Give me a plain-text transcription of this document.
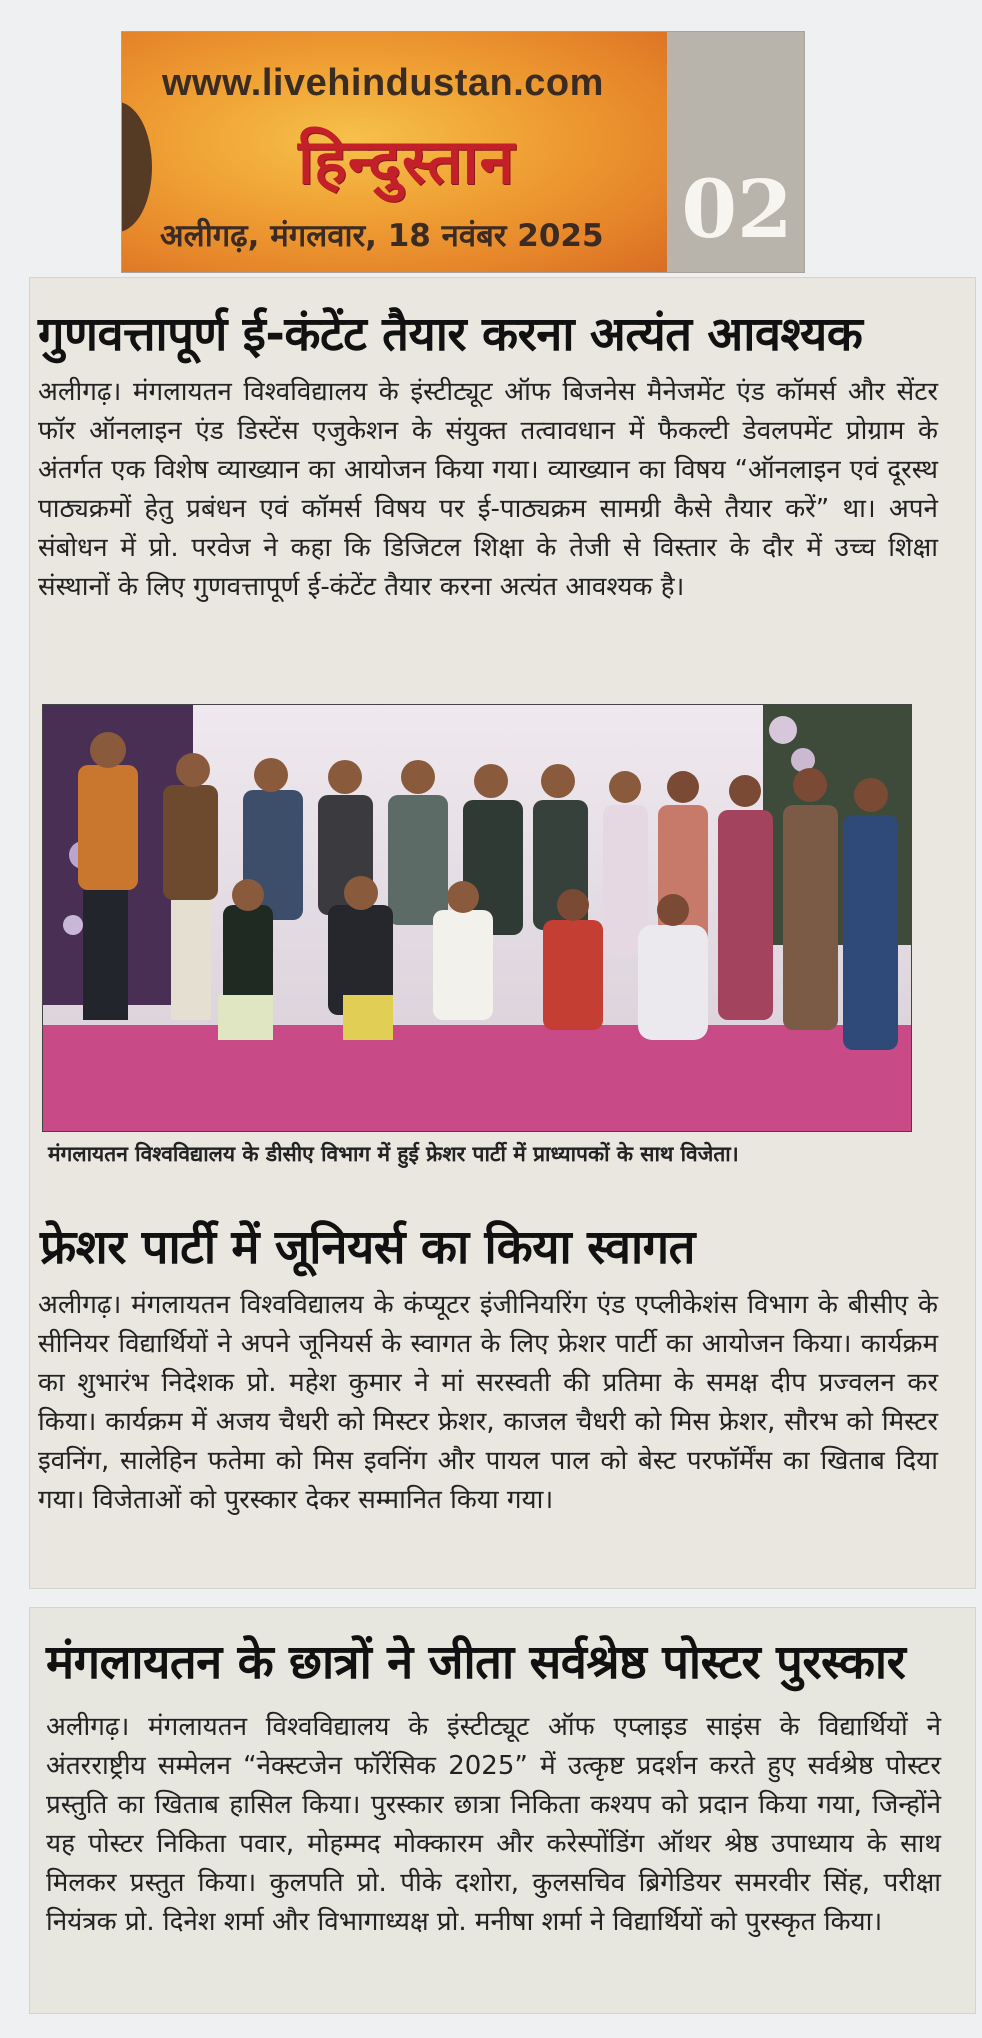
www.livehindustan.com
हिन्दुस्तान
अलीगढ़, मंगलवार, 18 नवंबर 2025 02
गुणवत्तापूर्ण ई-कंटेंट तैयार करना अत्यंत आवश्यक
अलीगढ़। मंगलायतन विश्वविद्यालय के इंस्टीट्यूट ऑफ बिजनेस मैनेजमेंट एंड कॉमर्स और सेंटर फॉर ऑनलाइन एंड डिस्टेंस एजुकेशन के संयुक्त तत्वावधान में फैकल्टी डेवलपमेंट प्रोग्राम के अंतर्गत एक विशेष व्याख्यान का आयोजन किया गया। व्याख्यान का विषय “ऑनलाइन एवं दूरस्थ पाठ्यक्रमों हेतु प्रबंधन एवं कॉमर्स विषय पर ई-पाठ्यक्रम सामग्री कैसे तैयार करें” था। अपने संबोधन में प्रो. परवेज ने कहा कि डिजिटल शिक्षा के तेजी से विस्तार के दौर में उच्च शिक्षा संस्थानों के लिए गुणवत्तापूर्ण ई-कंटेंट तैयार करना अत्यंत आवश्यक है।
मंगलायतन विश्वविद्यालय के डीसीए विभाग में हुई फ्रेशर पार्टी में प्राध्यापकों के साथ विजेता।
फ्रेशर पार्टी में जूनियर्स का किया स्वागत
अलीगढ़। मंगलायतन विश्वविद्यालय के कंप्यूटर इंजीनियरिंग एंड एप्लीकेशंस विभाग के बीसीए के सीनियर विद्यार्थियों ने अपने जूनियर्स के स्वागत के लिए फ्रेशर पार्टी का आयोजन किया। कार्यक्रम का शुभारंभ निदेशक प्रो. महेश कुमार ने मां सरस्वती की प्रतिमा के समक्ष दीप प्रज्वलन कर किया। कार्यक्रम में अजय चैधरी को मिस्टर फ्रेशर, काजल चैधरी को मिस फ्रेशर, सौरभ को मिस्टर इवनिंग, सालेहिन फतेमा को मिस इवनिंग और पायल पाल को बेस्ट परफॉर्मेंस का खिताब दिया गया। विजेताओं को पुरस्कार देकर सम्मानित किया गया।
मंगलायतन के छात्रों ने जीता सर्वश्रेष्ठ पोस्टर पुरस्कार
अलीगढ़। मंगलायतन विश्वविद्यालय के इंस्टीट्यूट ऑफ एप्लाइड साइंस के विद्यार्थियों ने अंतरराष्ट्रीय सम्मेलन “नेक्स्टजेन फॉरेंसिक 2025” में उत्कृष्ट प्रदर्शन करते हुए सर्वश्रेष्ठ पोस्टर प्रस्तुति का खिताब हासिल किया। पुरस्कार छात्रा निकिता कश्यप को प्रदान किया गया, जिन्होंने यह पोस्टर निकिता पवार, मोहम्मद मोक्कारम और करेस्पोंडिंग ऑथर श्रेष्ठ उपाध्याय के साथ मिलकर प्रस्तुत किया। कुलपति प्रो. पीके दशोरा, कुलसचिव ब्रिगेडियर समरवीर सिंह, परीक्षा नियंत्रक प्रो. दिनेश शर्मा और विभागाध्यक्ष प्रो. मनीषा शर्मा ने विद्यार्थियों को पुरस्कृत किया।
